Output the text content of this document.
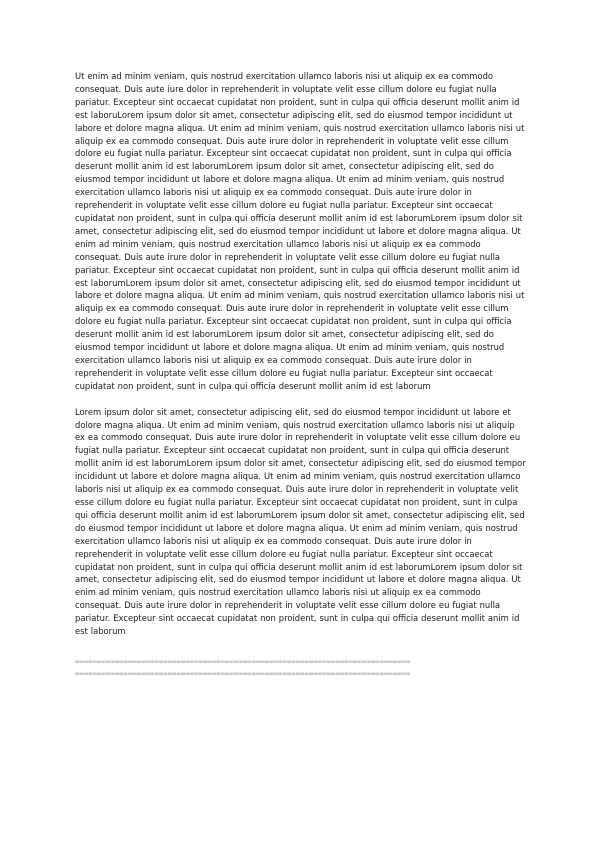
Ut enim ad minim veniam, quis nostrud exercitation ullamco laboris nisi ut aliquip ex ea commodo consequat. Duis aute iure dolor in reprehenderit in voluptate velit esse cillum dolore eu fugiat nulla pariatur. Excepteur sint occaecat cupidatat non proident, sunt in culpa qui officia deserunt mollit anim id est laboruLorem ipsum dolor sit amet, consectetur adipiscing elit, sed do eiusmod tempor incididunt ut labore et dolore magna aliqua. Ut enim ad minim veniam, quis nostrud exercitation ullamco laboris nisi ut aliquip ex ea commodo consequat. Duis aute irure dolor in reprehenderit in voluptate velit esse cillum dolore eu fugiat nulla pariatur. Excepteur sint occaecat cupidatat non proident, sunt in culpa qui officia deserunt mollit anim id est laborumLorem ipsum dolor sit amet, consectetur adipiscing elit, sed do eiusmod tempor incididunt ut labore et dolore magna aliqua. Ut enim ad minim veniam, quis nostrud exercitation ullamco laboris nisi ut aliquip ex ea commodo consequat. Duis aute irure dolor in reprehenderit in voluptate velit esse cillum dolore eu fugiat nulla pariatur. Excepteur sint occaecat cupidatat non proident, sunt in culpa qui officia deserunt mollit anim id est laborumLorem ipsum dolor sit amet, consectetur adipiscing elit, sed do eiusmod tempor incididunt ut labore et dolore magna aliqua. Ut enim ad minim veniam, quis nostrud exercitation ullamco laboris nisi ut aliquip ex ea commodo consequat. Duis aute irure dolor in reprehenderit in voluptate velit esse cillum dolore eu fugiat nulla pariatur. Excepteur sint occaecat cupidatat non proident, sunt in culpa qui officia deserunt mollit anim id est laborumLorem ipsum dolor sit amet, consectetur adipiscing elit, sed do eiusmod tempor incididunt ut labore et dolore magna aliqua. Ut enim ad minim veniam, quis nostrud exercitation ullamco laboris nisi ut aliquip ex ea commodo consequat. Duis aute irure dolor in reprehenderit in voluptate velit esse cillum dolore eu fugiat nulla pariatur. Excepteur sint occaecat cupidatat non proident, sunt in culpa qui officia deserunt mollit anim id est laborumLorem ipsum dolor sit amet, consectetur adipiscing elit, sed do eiusmod tempor incididunt ut labore et dolore magna aliqua. Ut enim ad minim veniam, quis nostrud exercitation ullamco laboris nisi ut aliquip ex ea commodo consequat. Duis aute irure dolor in reprehenderit in voluptate velit esse cillum dolore eu fugiat nulla pariatur. Excepteur sint occaecat cupidatat non proident, sunt in culpa qui officia deserunt mollit anim id est laborum

Lorem ipsum dolor sit amet, consectetur adipiscing elit, sed do eiusmod tempor incididunt ut labore et dolore magna aliqua. Ut enim ad minim veniam, quis nostrud exercitation ullamco laboris nisi ut aliquip ex ea commodo consequat. Duis aute irure dolor in reprehenderit in voluptate velit esse cillum dolore eu fugiat nulla pariatur. Excepteur sint occaecat cupidatat non proident, sunt in culpa qui officia deserunt mollit anim id est laborumLorem ipsum dolor sit amet, consectetur adipiscing elit, sed do eiusmod tempor incididunt ut labore et dolore magna aliqua. Ut enim ad minim veniam, quis nostrud exercitation ullamco laboris nisi ut aliquip ex ea commodo consequat. Duis aute irure dolor in reprehenderit in voluptate velit esse cillum dolore eu fugiat nulla pariatur. Excepteur sint occaecat cupidatat non proident, sunt in culpa qui officia deserunt mollit anim id est laborumLorem ipsum dolor sit amet, consectetur adipiscing elit, sed do eiusmod tempor incididunt ut labore et dolore magna aliqua. Ut enim ad minim veniam, quis nostrud exercitation ullamco laboris nisi ut aliquip ex ea commodo consequat. Duis aute irure dolor in reprehenderit in voluptate velit esse cillum dolore eu fugiat nulla pariatur. Excepteur sint occaecat cupidatat non proident, sunt in culpa qui officia deserunt mollit anim id est laborumLorem ipsum dolor sit amet, consectetur adipiscing elit, sed do eiusmod tempor incididunt ut labore et dolore magna aliqua. Ut enim ad minim veniam, quis nostrud exercitation ullamco laboris nisi ut aliquip ex ea commodo consequat. Duis aute irure dolor in reprehenderit in voluptate velit esse cillum dolore eu fugiat nulla pariatur. Excepteur sint occaecat cupidatat non proident, sunt in culpa qui officia deserunt mollit anim id est laborum

∞∞∞∞∞∞∞∞∞∞∞∞∞∞∞∞∞∞∞∞∞∞∞∞∞∞∞∞∞∞∞∞∞∞∞∞∞∞∞∞∞∞∞∞∞∞∞∞∞∞∞∞∞∞∞∞∞∞∞∞∞∞∞∞∞∞∞∞∞∞∞∞∞∞∞∞
∞∞∞∞∞∞∞∞∞∞∞∞∞∞∞∞∞∞∞∞∞∞∞∞∞∞∞∞∞∞∞∞∞∞∞∞∞∞∞∞∞∞∞∞∞∞∞∞∞∞∞∞∞∞∞∞∞∞∞∞∞∞∞∞∞∞∞∞∞∞∞∞∞∞∞∞
